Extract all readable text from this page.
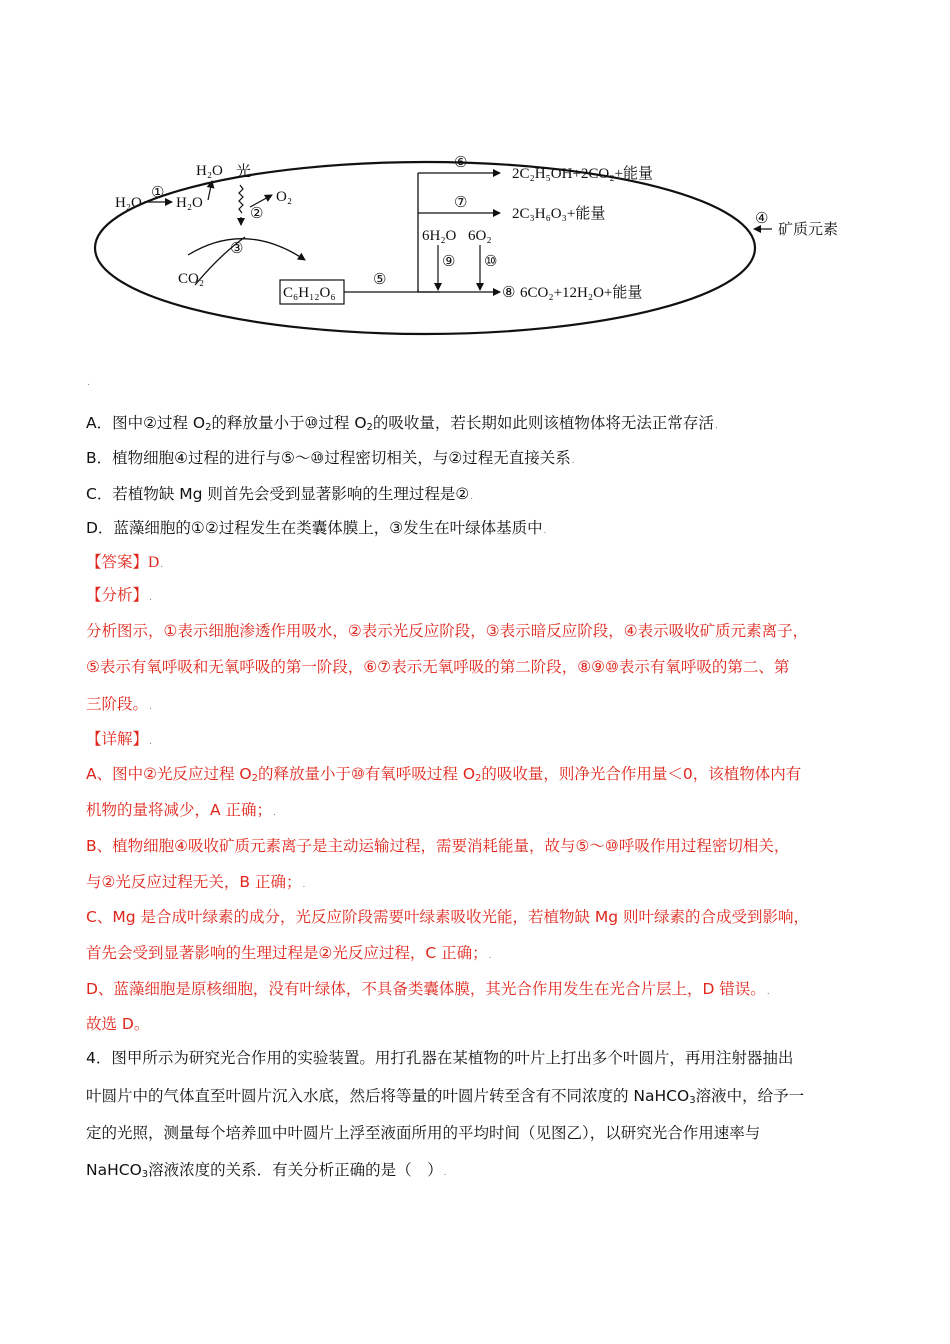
H₂O
①
H₂O
H₂O 光
②
O₂
③
CO₂
C₆H₁₂O₆
⑤
⑥
2C₂H₅OH+2CO₂+能量
⑦
2C₃H₆O₃+能量
6H₂O 6O₂
⑨ ⑩
⑧ 6CO₂+12H₂O+能量
④
矿质元素
.
A．图中②过程 $O_2$的释放量小于⑩过程 $O_2$的吸收量，若长期如此则该植物体将无法正常存活.
B．植物细胞④过程的进行与⑤～⑩过程密切相关，与②过程无直接关系.
C．若植物缺 Mg 则首先会受到显著影响的生理过程是②.
D．蓝藻细胞的①②过程发生在类囊体膜上，③发生在叶绿体基质中.
【答案】D.
【分析】.
分析图示，①表示细胞渗透作用吸水，②表示光反应阶段，③表示暗反应阶段，④表示吸收矿质元素离子，
⑤表示有氧呼吸和无氧呼吸的第一阶段，⑥⑦表示无氧呼吸的第二阶段，⑧⑨⑩表示有氧呼吸的第二、第
三阶段。.
【详解】.
A、图中②光反应过程 $O_2$的释放量小于⑩有氧呼吸过程 $O_2$的吸收量，则净光合作用量＜0，该植物体内有
机物的量将减少，A 正确；.
B、植物细胞④吸收矿质元素离子是主动运输过程，需要消耗能量，故与⑤～⑩呼吸作用过程密切相关，
与②光反应过程无关，B 正确；.
C、Mg 是合成叶绿素的成分，光反应阶段需要叶绿素吸收光能，若植物缺 Mg 则叶绿素的合成受到影响，
首先会受到显著影响的生理过程是②光反应过程，C 正确；.
D、蓝藻细胞是原核细胞，没有叶绿体，不具备类囊体膜，其光合作用发生在光合片层上，D 错误。.
故选 D。
4．图甲所示为研究光合作用的实验装置。用打孔器在某植物的叶片上打出多个叶圆片，再用注射器抽出
叶圆片中的气体直至叶圆片沉入水底，然后将等量的叶圆片转至含有不同浓度的 NaHCO$_3$溶液中，给予一
定的光照，测量每个培养皿中叶圆片上浮至液面所用的平均时间（见图乙），以研究光合作用速率与
NaHCO$_3$溶液浓度的关系．有关分析正确的是（　）.
